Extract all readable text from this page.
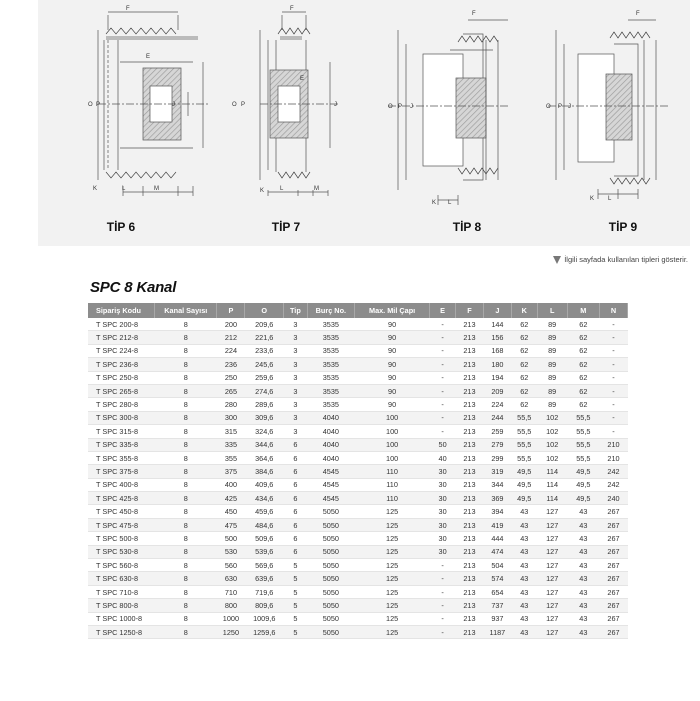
F
E
O P	J
K	L	M
F
E
O P	J
K	L	M
F
O P J
K L
F
O P J
K L
TİP 6	TİP 7	TİP 8	TİP 9
İlgili sayfada kullanılan tipleri gösterir.
SPC 8 Kanal
Sipariş Kodu	Kanal Sayısı	P	O	Tip	Burç No.	Max. Mil Çapı	E	F	J	K	L	M	N
T SPC 200-8	8	200	209,6	3	3535	90	-	213	144	62	89	62	-
T SPC 212-8	8	212	221,6	3	3535	90	-	213	156	62	89	62	-
T SPC 224-8	8	224	233,6	3	3535	90	-	213	168	62	89	62	-
T SPC 236-8	8	236	245,6	3	3535	90	-	213	180	62	89	62	-
T SPC 250-8	8	250	259,6	3	3535	90	-	213	194	62	89	62	-
T SPC 265-8	8	265	274,6	3	3535	90	-	213	209	62	89	62	-
T SPC 280-8	8	280	289,6	3	3535	90	-	213	224	62	89	62	-
T SPC 300-8	8	300	309,6	3	4040	100	-	213	244	55,5	102	55,5	-
T SPC 315-8	8	315	324,6	3	4040	100	-	213	259	55,5	102	55,5	-
T SPC 335-8	8	335	344,6	6	4040	100	50	213	279	55,5	102	55,5	210
T SPC 355-8	8	355	364,6	6	4040	100	40	213	299	55,5	102	55,5	210
T SPC 375-8	8	375	384,6	6	4545	110	30	213	319	49,5	114	49,5	242
T SPC 400-8	8	400	409,6	6	4545	110	30	213	344	49,5	114	49,5	242
T SPC 425-8	8	425	434,6	6	4545	110	30	213	369	49,5	114	49,5	240
T SPC 450-8	8	450	459,6	6	5050	125	30	213	394	43	127	43	267
T SPC 475-8	8	475	484,6	6	5050	125	30	213	419	43	127	43	267
T SPC 500-8	8	500	509,6	6	5050	125	30	213	444	43	127	43	267
T SPC 530-8	8	530	539,6	6	5050	125	30	213	474	43	127	43	267
T SPC 560-8	8	560	569,6	5	5050	125	-	213	504	43	127	43	267
T SPC 630-8	8	630	639,6	5	5050	125	-	213	574	43	127	43	267
T SPC 710-8	8	710	719,6	5	5050	125	-	213	654	43	127	43	267
T SPC 800-8	8	800	809,6	5	5050	125	-	213	737	43	127	43	267
T SPC 1000-8	8	1000	1009,6	5	5050	125	-	213	937	43	127	43	267
T SPC 1250-8	8	1250	1259,6	5	5050	125	-	213	1187	43	127	43	267
